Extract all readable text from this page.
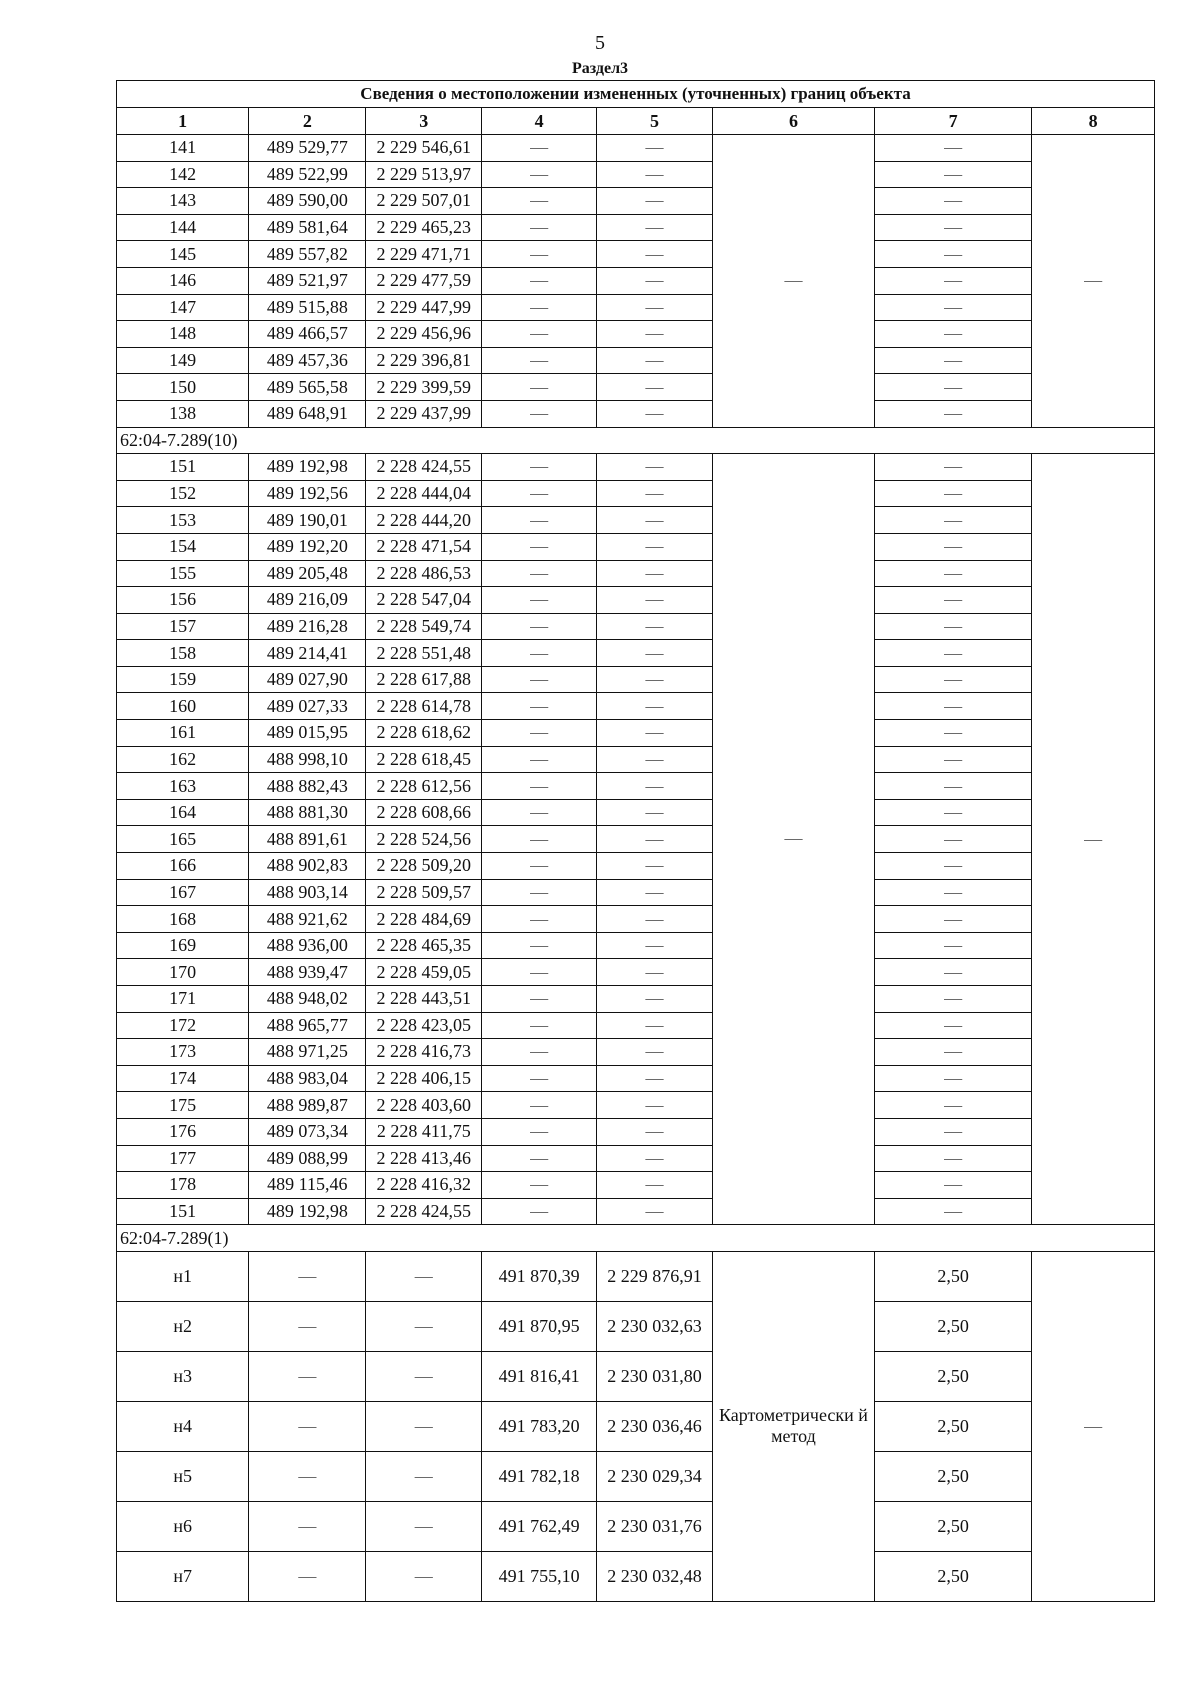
5
Раздел3
Сведения о местоположении измененных (уточненных) границ объекта							
1	2	3	4	5	6	7	8
141	489 529,77	2 229 546,61	—	—	—	—	—
142	489 522,99	2 229 513,97	—	—		—	
143	489 590,00	2 229 507,01	—	—		—	
144	489 581,64	2 229 465,23	—	—		—	
145	489 557,82	2 229 471,71	—	—		—	
146	489 521,97	2 229 477,59	—	—		—	
147	489 515,88	2 229 447,99	—	—		—	
148	489 466,57	2 229 456,96	—	—		—	
149	489 457,36	2 229 396,81	—	—		—	
150	489 565,58	2 229 399,59	—	—		—	
138	489 648,91	2 229 437,99	—	—		—	
62:04-7.289(10)							
151	489 192,98	2 228 424,55	—	—	—	—	—
152	489 192,56	2 228 444,04	—	—		—	
153	489 190,01	2 228 444,20	—	—		—	
154	489 192,20	2 228 471,54	—	—		—	
155	489 205,48	2 228 486,53	—	—		—	
156	489 216,09	2 228 547,04	—	—		—	
157	489 216,28	2 228 549,74	—	—		—	
158	489 214,41	2 228 551,48	—	—		—	
159	489 027,90	2 228 617,88	—	—		—	
160	489 027,33	2 228 614,78	—	—		—	
161	489 015,95	2 228 618,62	—	—		—	
162	488 998,10	2 228 618,45	—	—		—	
163	488 882,43	2 228 612,56	—	—		—	
164	488 881,30	2 228 608,66	—	—		—	
165	488 891,61	2 228 524,56	—	—		—	
166	488 902,83	2 228 509,20	—	—		—	
167	488 903,14	2 228 509,57	—	—		—	
168	488 921,62	2 228 484,69	—	—		—	
169	488 936,00	2 228 465,35	—	—		—	
170	488 939,47	2 228 459,05	—	—		—	
171	488 948,02	2 228 443,51	—	—		—	
172	488 965,77	2 228 423,05	—	—		—	
173	488 971,25	2 228 416,73	—	—		—	
174	488 983,04	2 228 406,15	—	—		—	
175	488 989,87	2 228 403,60	—	—		—	
176	489 073,34	2 228 411,75	—	—		—	
177	489 088,99	2 228 413,46	—	—		—	
178	489 115,46	2 228 416,32	—	—		—	
151	489 192,98	2 228 424,55	—	—		—	
62:04-7.289(1)							
н1	—	—	491 870,39	2 229 876,91	Картометрически й метод	2,50	—
н2	—	—	491 870,95	2 230 032,63		2,50	
н3	—	—	491 816,41	2 230 031,80		2,50	
н4	—	—	491 783,20	2 230 036,46		2,50	
н5	—	—	491 782,18	2 230 029,34		2,50	
н6	—	—	491 762,49	2 230 031,76		2,50	
н7	—	—	491 755,10	2 230 032,48		2,50	
